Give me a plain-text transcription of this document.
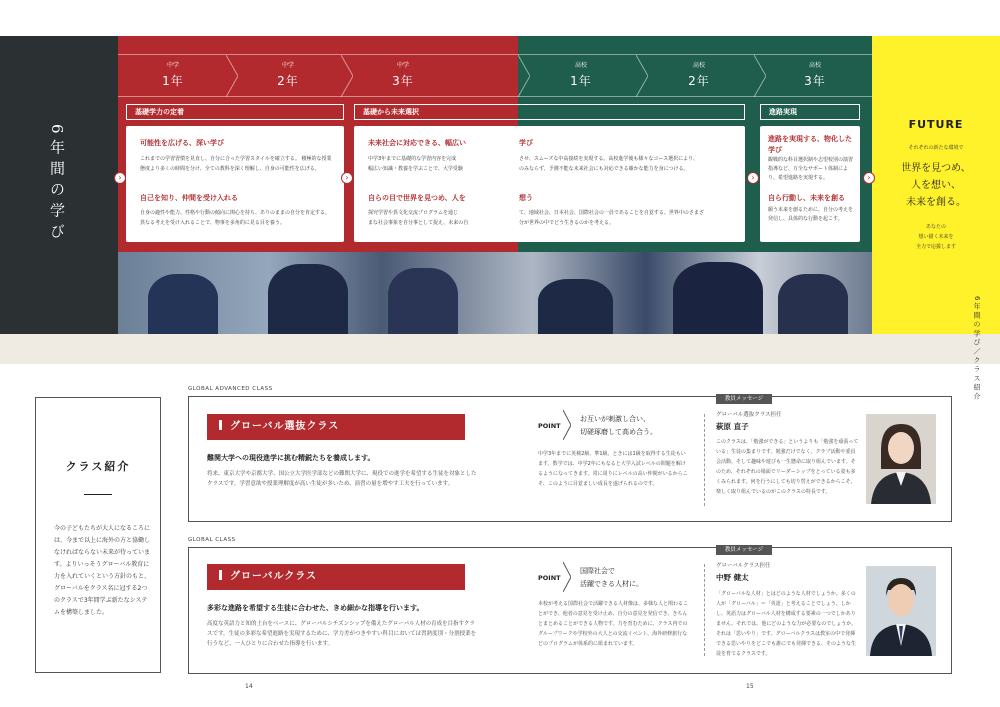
6年間の学び
中学
1年
中学
2年
中学
3年
高校
1年
高校
2年
高校
3年
基礎学力の定着	基礎から未来選択	進路実現
可能性を広げる、深い学び
これまでの学習習慣を見直し、自分に合った学習スタイルを確立する。 積極的な授業態度より多くの時間を分け、全ての教科を深く理解し、自身の可能性を広げる。
自己を知り、仲間を受け入れる
自身の適性や能力、性格や行動の傾向に関心を持ち、ありのままの自分を肯定する。異なる考えを受け入れることで、物事を多角的に見る目を養う。
未来社会に対応できる、幅広い	学び
中学3年までに基礎的な学習内容を完成	させ、スムーズな中高接続を実現する。高校進学後も様々なコース選択により、
幅広い知識・教養を学ぶことで、大学受験	のみならず、予測不能な未来社会にも対応できる確かな能力を身につける。
自らの目で世界を見つめ、人を	想う
探究学習や異文化交流プログラムを通じ	て、地域社会、日本社会、国際社会の一員であることを自覚する。世界中のさまざ
まな社会事象を自分事として捉え、未来の自	分が世界の中でどう生きるのかを考える。
進路を実現する、物化した学び
観戦的な科目選択制や志望校別の演習指導など、万全なサポート体制により、希望進路を実現する。
自ら行動し、未来を創る
願う未来を創るために、自分の考えを発信し、具体的な行動を起こす。
›	›	›	›
FUTURE
それぞれの新たな環境で
世界を見つめ、
人を想い、
未来を創る。
あなたの
想い描く未来を
全力で応援します
6年間の学び／クラス紹介
クラス紹介
今の子どもたちが大人になるころには、今まで以上に海外の方と協働しなければならない未来が待っています。よりいっそうグローバル教育に力を入れていくという方針のもと、グローバルをクラス名に冠する2つのクラスで3年間学ぶ新たなシステムを構築しました。
GLOBAL ADVANCED CLASS
グローバル選抜クラス
難関大学への現役進学に挑む精鋭たちを養成します。
将来、東京大学や京都大学、国公立大学医学部などの難関大学に、現役での進学を希望する生徒を対象としたクラスです。学習意欲や授業理解度が高い生徒が多いため、演習の量を増やす工夫を行っています。
POINT
お互いが刺激し合い、
切磋琢磨して高め合う。
中学3年までに英検2級、準1級、ときには1級を取得する生徒もいます。数学では、中学2年にもなると大学入試レベルの問題を解けるようになってきます。常に周りにレベルの高い仲間がいるからこそ、このように目覚ましい成長を遂げられるのです。
教員メッセージ
グローバル選抜クラス担任
萩原 直子
このクラスは、「勉強ができる」というよりも「勉強を頑張っている」生徒の集まりです。勉強だけでなく、クラブ活動や委員会活動、そして趣味や遊びも一生懸命に取り組んでいます。そのため、それぞれの場面でリーダーシップをとっている姿も多くみられます。何を行うにしても切り替えができるからこそ、楽しく取り組んでいるのがこのクラスの特長です。
GLOBAL CLASS
グローバルクラス
多彩な進路を希望する生徒に合わせた、きめ細かな指導を行います。
高度な英語力と知的土台をベースに、グローバルシチズンシップを備えたグローバル人材の育成を目指すクラスです。生徒の多彩な希望進路を実現するために、学力差がつきやすい科目においては習熟度別・分割授業を行うなど、一人ひとりに合わせた指導を行います。
POINT
国際社会で
活躍できる人材に。
本校が考える国際社会で活躍できる人材像は、多様な人と関わることができ、他者の意見を受け止め、自分の意見を発信でき、きちんとまとめることができる人物です。力を育むために、クラス内でのグループワークや学校外の大人との交流イベント、海外研修旅行などのプログラムが体系的に組まれています。
教員メッセージ
グローバルクラス担任
中野 健太
「グローバルな人材」とはどのような人材でしょうか。多くの人が「グローバル」＝「英語」と考えることでしょう。しかし、英語力はグローバル人材を構成する要素の一つでしかありません。それでは、他にどのような力が必要なのでしょうか。それは「思いやり」です。グローバルクラスは教室の中で発揮できる思いやりをどこでも誰にでも発揮できる、そのような生徒を育てるクラスです。
14	15
